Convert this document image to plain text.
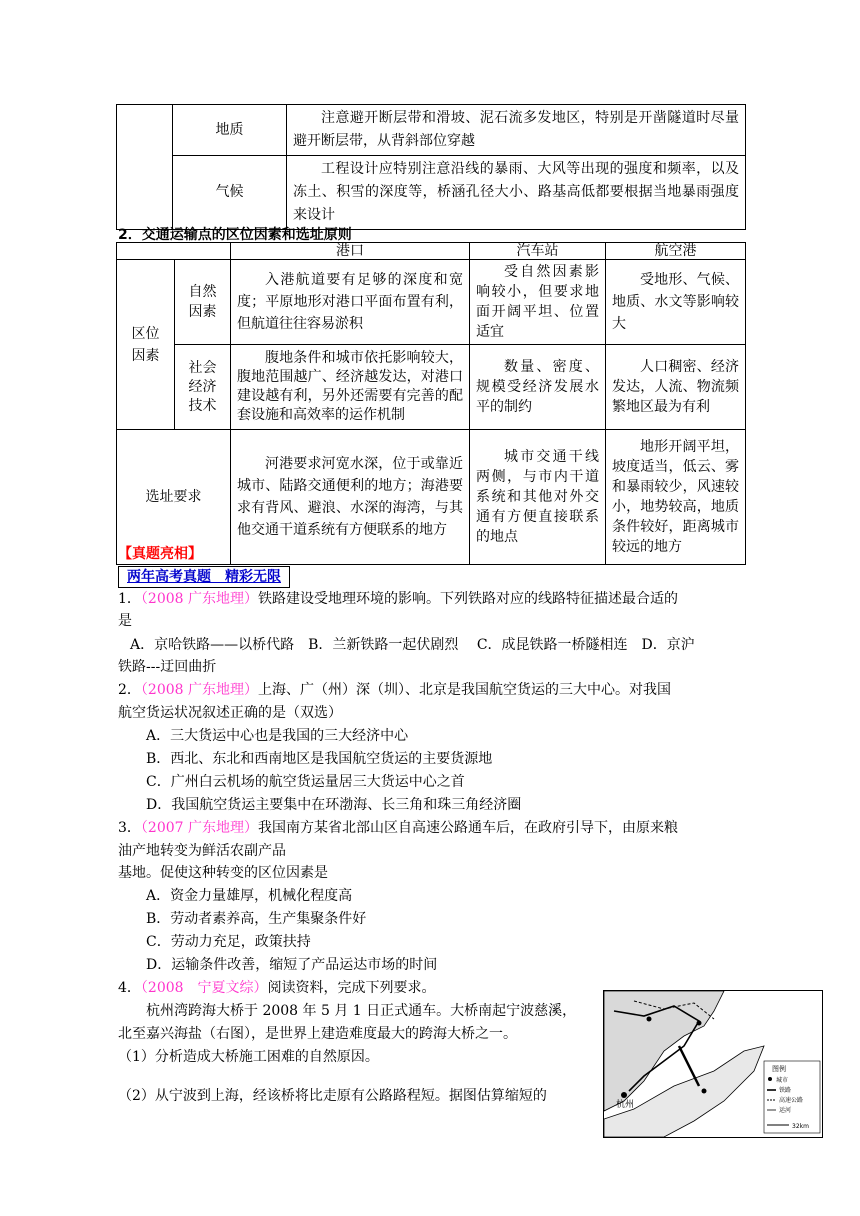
	地质	注意避开断层带和滑坡、泥石流多发地区，特别是开凿隧道时尽量避开断层带，从背斜部位穿越
	气候	工程设计应特别注意沿线的暴雨、大风等出现的强度和频率，以及冻土、积雪的深度等，桥涵孔径大小、路基高低都要根据当地暴雨强度来设计
2．交通运输点的区位因素和选址原则
		港口	汽车站	航空港
区位因素	自然因素	入港航道要有足够的深度和宽度；平原地形对港口平面布置有利，但航道往往容易淤积	受自然因素影响较小，但要求地面开阔平坦、位置适宜	受地形、气候、地质、水文等影响较大
	社会经济技术	腹地条件和城市依托影响较大，腹地范围越广、经济越发达，对港口建设越有利，另外还需要有完善的配套设施和高效率的运作机制	数量、密度、规模受经济发展水平的制约	人口稠密、经济发达，人流、物流频繁地区最为有利
选址要求		河港要求河宽水深，位于或靠近城市、陆路交通便利的地方；海港要求有背风、避浪、水深的海湾，与其他交通干道系统有方便联系的地方	城市交通干线两侧，与市内干道系统和其他对外交通有方便直接联系的地点	地形开阔平坦，坡度适当，低云、雾和暴雨较少，风速较小，地势较高，地质条件较好，距离城市较远的地方
【真题亮相】
两年高考真题　精彩无限
1．（2008 广东地理）铁路建设受地理环境的影响。下列铁路对应的线路特征描述最合适的
是
A．京哈铁路——以桥代路　B．兰新铁路一起伏剧烈　 C．成昆铁路一桥隧相连　D．京沪
铁路---迂回曲折
2．（2008 广东地理）上海、广（州）深（圳）、北京是我国航空货运的三大中心。对我国
航空货运状况叙述正确的是（双选）
A．三大货运中心也是我国的三大经济中心
B．西北、东北和西南地区是我国航空货运的主要货源地
C．广州白云机场的航空货运量居三大货运中心之首
D．我国航空货运主要集中在环渤海、长三角和珠三角经济圈
3．（2007 广东地理）我国南方某省北部山区自高速公路通车后，在政府引导下，由原来粮
油产地转变为鲜活农副产品
基地。促使这种转变的区位因素是
A．资金力量雄厚，机械化程度高
B．劳动者素养高，生产集聚条件好
C．劳动力充足，政策扶持
D．运输条件改善，缩短了产品运达市场的时间
4．（2008　宁夏文综）阅读资料，完成下列要求。
杭州湾跨海大桥于 2008 年 5 月 1 日正式通车。大桥南起宁波慈溪，
北至嘉兴海盐（右图），是世界上建造难度最大的跨海大桥之一。
（1）分析造成大桥施工困难的自然原因。
（2）从宁波到上海，经该桥将比走原有公路路程短。据图估算缩短的
杭州
图例
城市
铁路
高速公路
运河
32km
